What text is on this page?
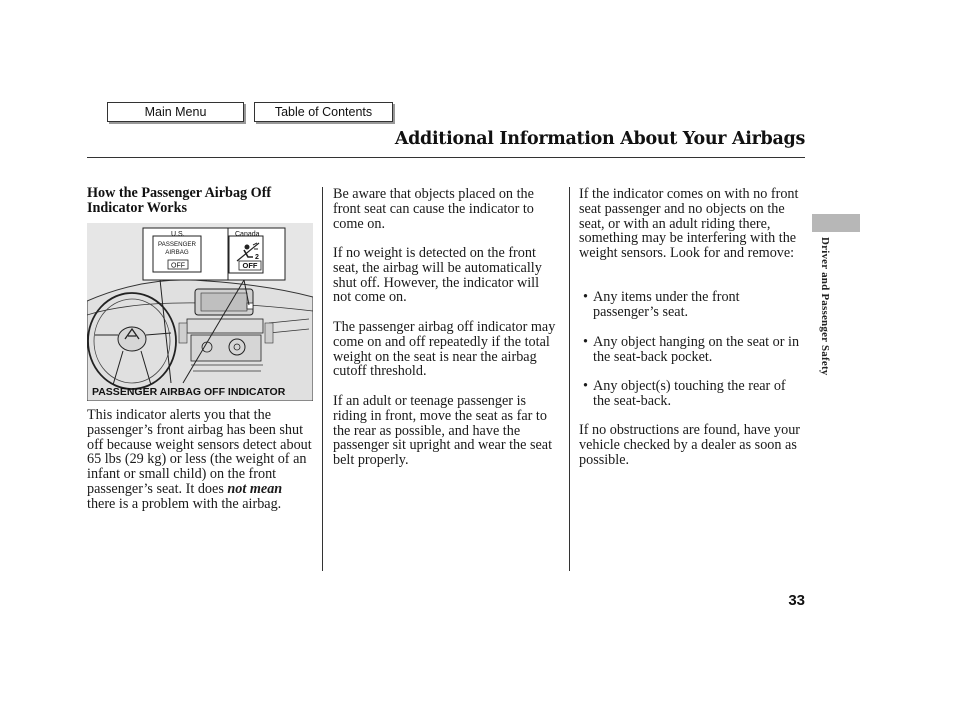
Main Menu	Table of Contents
Additional Information About Your Airbags
How the Passenger Airbag Off Indicator Works
U.S.	Canada
PASSENGER
AIRBAG
OFF	OFF
2
PASSENGER AIRBAG OFF INDICATOR
This indicator alerts you that the passenger’s front airbag has been shut off because weight sensors detect about 65 lbs (29 kg) or less (the weight of an infant or small child) on the front passenger’s seat. It does not mean there is a problem with the airbag.
Be aware that objects placed on the front seat can cause the indicator to come on.
If no weight is detected on the front seat, the airbag will be automatically shut off. However, the indicator will not come on.
The passenger airbag off indicator may come on and off repeatedly if the total weight on the seat is near the airbag cutoff threshold.
If an adult or teenage passenger is riding in front, move the seat as far to the rear as possible, and have the passenger sit upright and wear the seat belt properly.
If the indicator comes on with no front seat passenger and no objects on the seat, or with an adult riding there, something may be interfering with the weight sensors. Look for and remove:
• Any items under the front passenger’s seat.
• Any object hanging on the seat or in the seat-back pocket.
• Any object(s) touching the rear of the seat-back.
If no obstructions are found, have your vehicle checked by a dealer as soon as possible.
Driver and Passenger Safety
33
